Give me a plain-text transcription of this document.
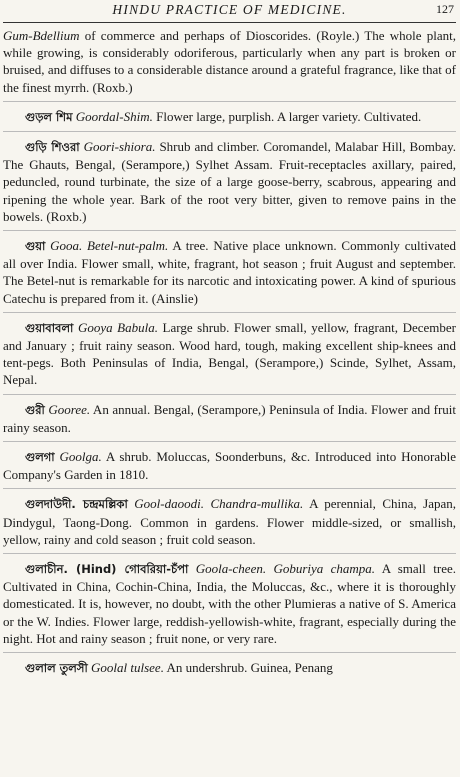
HINDU PRACTICE OF MEDICINE.	127
Gum-Bdellium of commerce and perhaps of Dioscorides. (Royle.) The whole plant, while growing, is considerably odoriferous, particularly when any part is broken or bruised, and diffuses to a considerable distance around a grateful fragrance, like that of the finest myrrh. (Roxb.)
গুড়ল শিম Goordal-Shim. Flower large, purplish. A larger variety. Cultivated.
গুড়ি শিওরা Goori-shiora. Shrub and climber. Coromandel, Malabar Hill, Bombay. The Ghauts, Bengal, (Serampore,) Sylhet Assam. Fruit-receptacles axillary, paired, peduncled, round turbinate, the size of a large goose-berry, scabrous, appearing and ripening the whole year. Bark of the root very bitter, given to remove pains in the bowels. (Roxb.)
গুয়া Gooa. Betel-nut-palm. A tree. Native place unknown. Commonly cultivated all over India. Flower small, white, fragrant, hot season ; fruit August and september. The Betel-nut is remarkable for its narcotic and intoxicating power. A kind of spurious Catechu is prepared from it. (Ainslie)
গুয়াবাবলা Gooya Babula. Large shrub. Flower small, yellow, fragrant, December and January ; fruit rainy season. Wood hard, tough, making excellent ship-knees and tent-pegs. Both Peninsulas of India, Bengal, (Serampore,) Scinde, Sylhet, Assam, Nepal.
গুরী Gooree. An annual. Bengal, (Serampore,) Peninsula of India. Flower and fruit rainy season.
গুলগা Goolga. A shrub. Moluccas, Soonderbuns, &c. Introduced into Honorable Company's Garden in 1810.
গুলদাউদী. চন্দ্রমল্লিকা Gool-daoodi. Chandra-mullika. A perennial, China, Japan, Dindygul, Taong-Dong. Common in gardens. Flower middle-sized, or smallish, yellow, rainy and cold season ; fruit cold season.
গুলাচীন. (Hind) গোবরিয়া-চঁপা Goola-cheen. Goburiya champa. A small tree. Cultivated in China, Cochin-China, India, the Moluccas, &c., where it is thoroughly domesticated. It is, however, no doubt, with the other Plumieras a native of S. America or the W. Indies. Flower large, reddish-yellowish-white, fragrant, especially during the night. Hot and rainy season ; fruit none, or very rare.
গুলাল তুলসী Goolal tulsee. An undershrub. Guinea, Penang
